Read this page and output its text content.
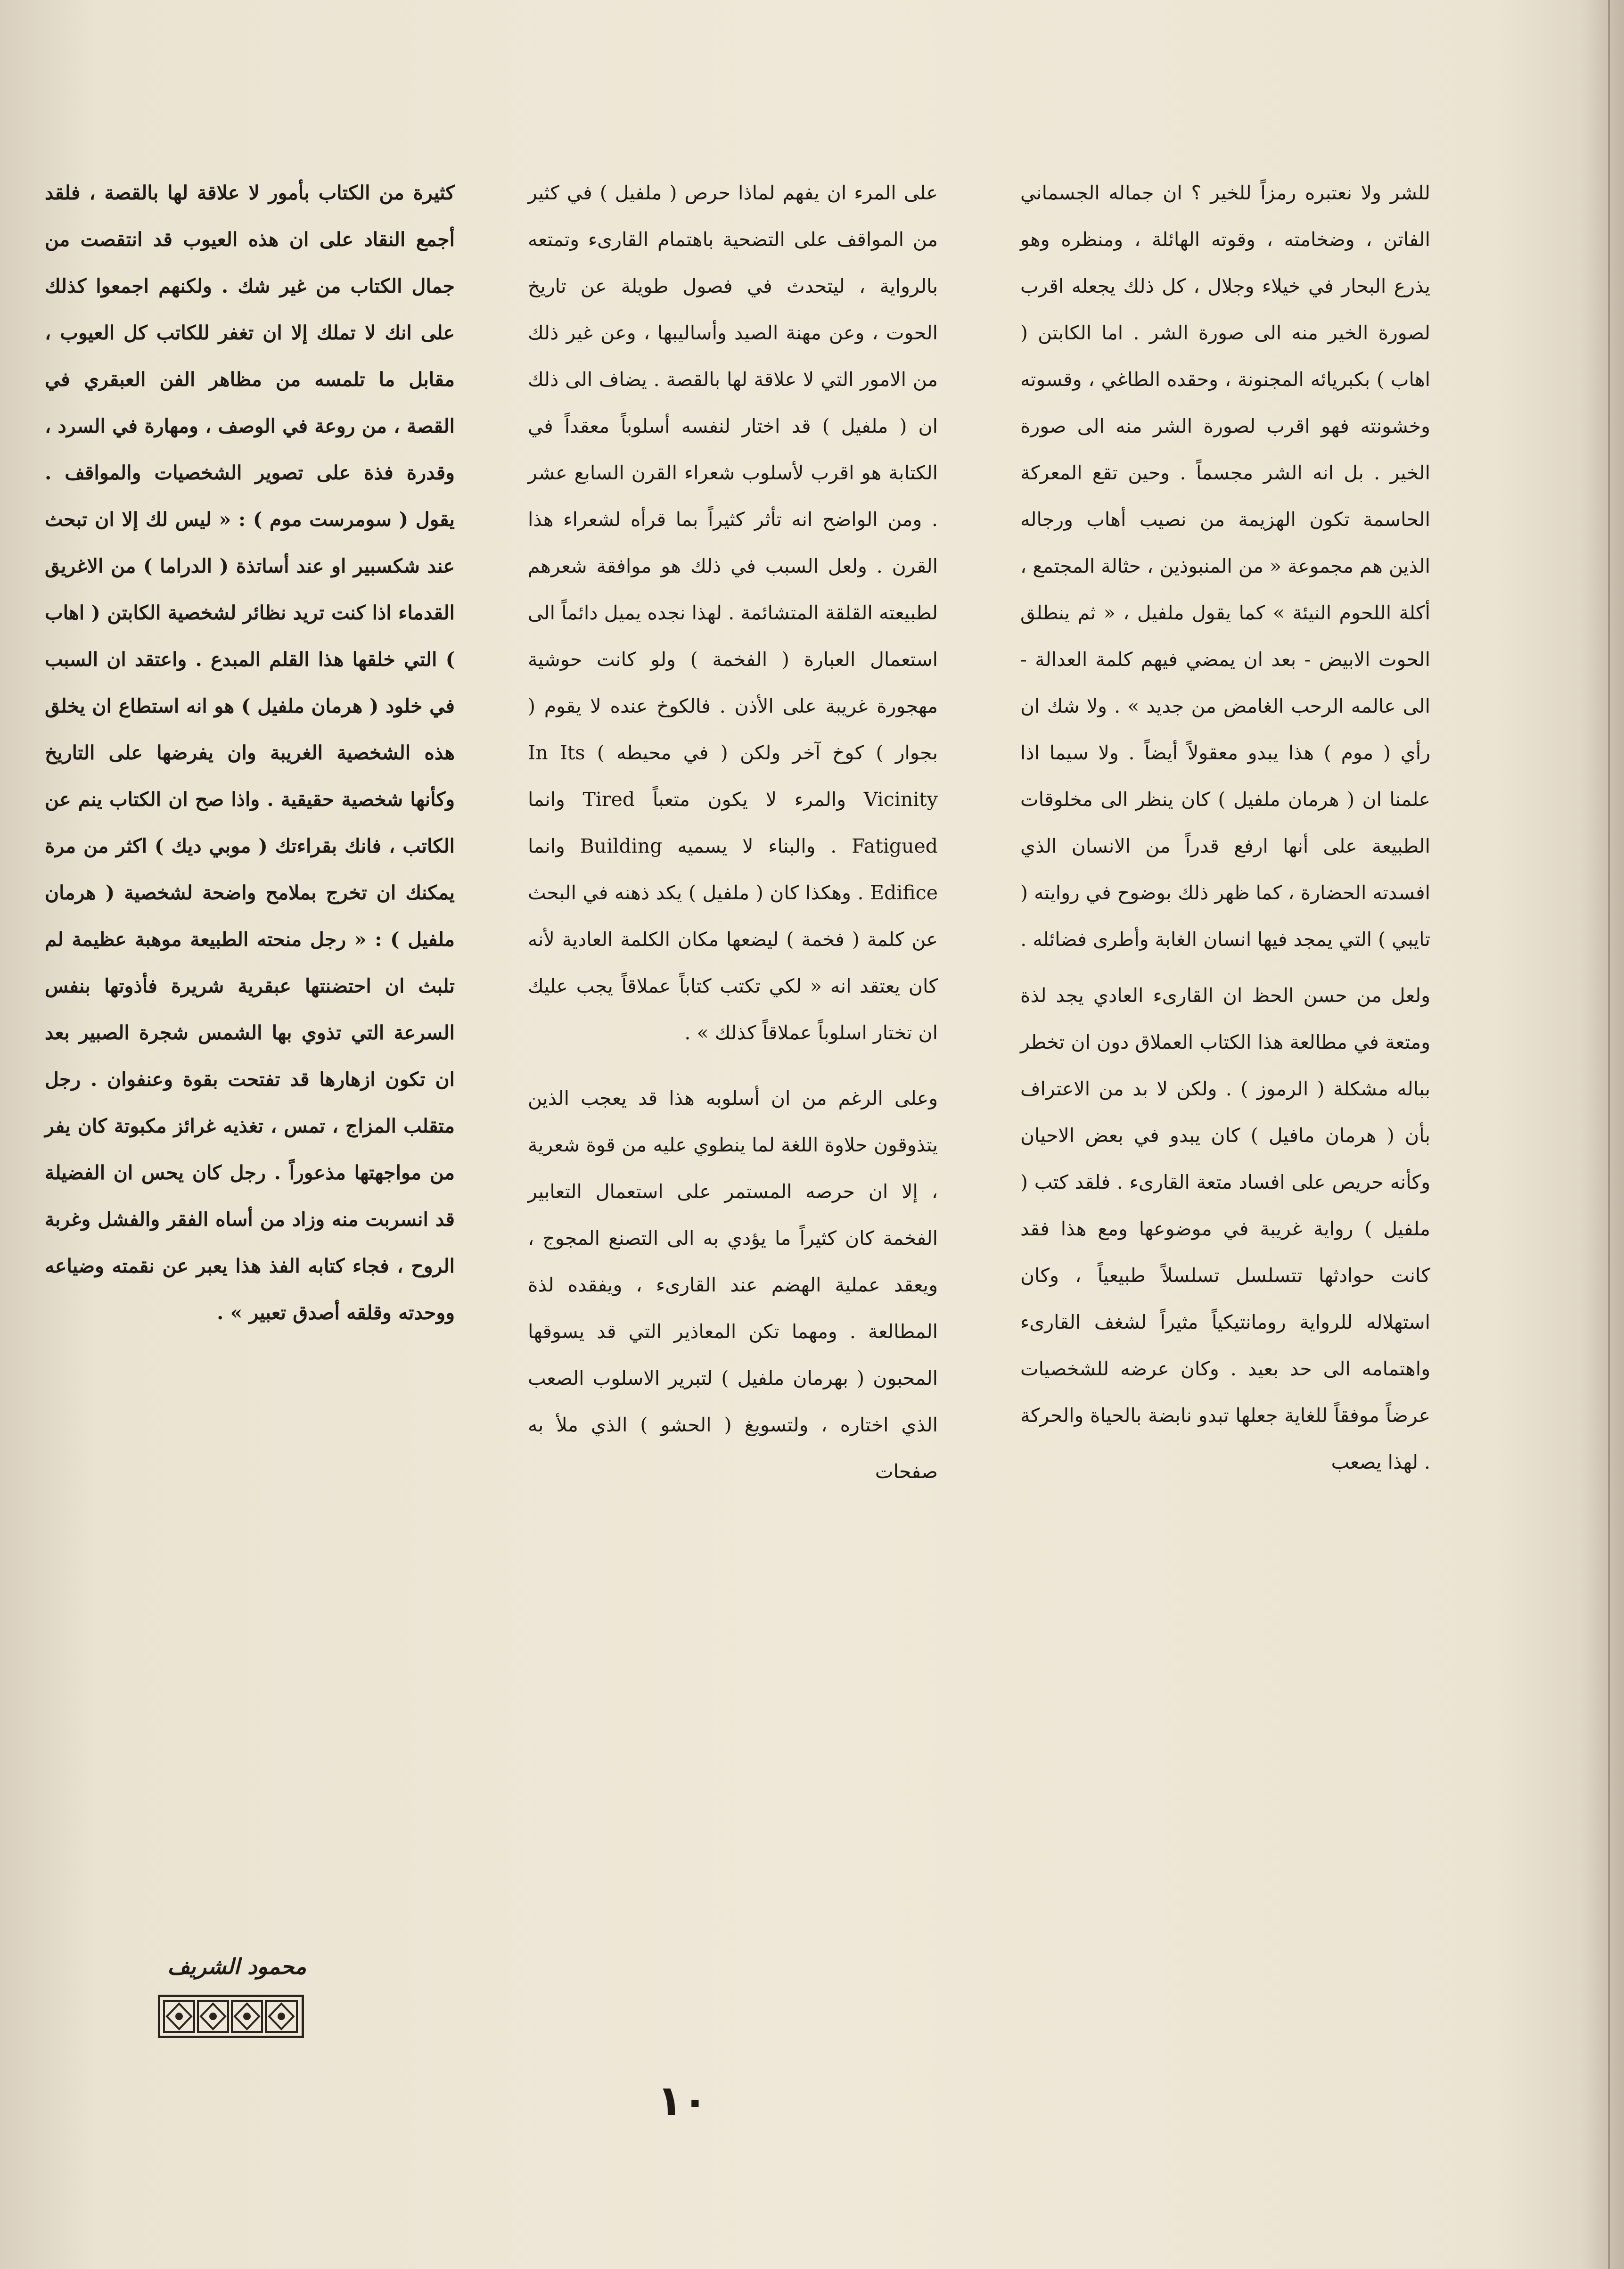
للشر ولا نعتبره رمزاً للخير ؟ ان جماله الجسماني الفاتن ، وضخامته ، وقوته الهائلة ، ومنظره وهو يذرع البحار في خيلاء وجلال ، كل ذلك يجعله اقرب لصورة الخير منه الى صورة الشر . اما الكابتن ( اهاب ) بكبريائه المجنونة ، وحقده الطاغي ، وقسوته وخشونته فهو اقرب لصورة الشر منه الى صورة الخير . بل انه الشر مجسماً . وحين تقع المعركة الحاسمة تكون الهزيمة من نصيب أهاب ورجاله الذين هم مجموعة « من المنبوذين ، حثالة المجتمع ، أكلة اللحوم النيئة » كما يقول ملفيل ، « ثم ينطلق الحوت الابيض - بعد ان يمضي فيهم كلمة العدالة - الى عالمه الرحب الغامض من جديد » . ولا شك ان رأي ( موم ) هذا يبدو معقولاً أيضاً . ولا سيما اذا علمنا ان ( هرمان ملفيل ) كان ينظر الى مخلوقات الطبيعة على أنها ارفع قدراً من الانسان الذي افسدته الحضارة ، كما ظهر ذلك بوضوح في روايته ( تايبي ) التي يمجد فيها انسان الغابة وأطرى فضائله .

ولعل من حسن الحظ ان القارىء العادي يجد لذة ومتعة في مطالعة هذا الكتاب العملاق دون ان تخطر بباله مشكلة ( الرموز ) . ولكن لا بد من الاعتراف بأن ( هرمان مافيل ) كان يبدو في بعض الاحيان وكأنه حريص على افساد متعة القارىء . فلقد كتب ( ملفيل ) رواية غريبة في موضوعها ومع هذا فقد كانت حوادثها تتسلسل تسلسلاً طبيعياً ، وكان استهلاله للرواية رومانتيكياً مثيراً لشغف القارىء واهتمامه الى حد بعيد . وكان عرضه للشخصيات عرضاً موفقاً للغاية جعلها تبدو نابضة بالحياة والحركة . لهذا يصعب

على المرء ان يفهم لماذا حرص ( ملفيل ) في كثير من المواقف على التضحية باهتمام القارىء وتمتعه بالرواية ، ليتحدث في فصول طويلة عن تاريخ الحوت ، وعن مهنة الصيد وأساليبها ، وعن غير ذلك من الامور التي لا علاقة لها بالقصة . يضاف الى ذلك ان ( ملفيل ) قد اختار لنفسه أسلوباً معقداً في الكتابة هو اقرب لأسلوب شعراء القرن السابع عشر . ومن الواضح انه تأثر كثيراً بما قرأه لشعراء هذا القرن . ولعل السبب في ذلك هو موافقة شعرهم لطبيعته القلقة المتشائمة . لهذا نجده يميل دائماً الى استعمال العبارة ( الفخمة ) ولو كانت حوشية مهجورة غريبة على الأذن . فالكوخ عنده لا يقوم ( بجوار ) كوخ آخر ولكن ( في محيطه ) In Its Vicinity والمرء لا يكون متعباً Tired وانما Fatigued . والبناء لا يسميه Building وانما Edifice . وهكذا كان ( ملفيل ) يكد ذهنه في البحث عن كلمة ( فخمة ) ليضعها مكان الكلمة العادية لأنه كان يعتقد انه « لكي تكتب كتاباً عملاقاً يجب عليك ان تختار اسلوباً عملاقاً كذلك » .

وعلى الرغم من ان أسلوبه هذا قد يعجب الذين يتذوقون حلاوة اللغة لما ينطوي عليه من قوة شعرية ، إلا ان حرصه المستمر على استعمال التعابير الفخمة كان كثيراً ما يؤدي به الى التصنع المجوج ، ويعقد عملية الهضم عند القارىء ، ويفقده لذة المطالعة . ومهما تكن المعاذير التي قد يسوقها المحبون ( بهرمان ملفيل ) لتبرير الاسلوب الصعب الذي اختاره ، ولتسويغ ( الحشو ) الذي ملأ به صفحات

كثيرة من الكتاب بأمور لا علاقة لها بالقصة ، فلقد أجمع النقاد على ان هذه العيوب قد انتقصت من جمال الكتاب من غير شك . ولكنهم اجمعوا كذلك على انك لا تملك إلا ان تغفر للكاتب كل العيوب ، مقابل ما تلمسه من مظاهر الفن العبقري في القصة ، من روعة في الوصف ، ومهارة في السرد ، وقدرة فذة على تصوير الشخصيات والمواقف . يقول ( سومرست موم ) : « ليس لك إلا ان تبحث عند شكسبير او عند أساتذة ( الدراما ) من الاغريق القدماء اذا كنت تريد نظائر لشخصية الكابتن ( اهاب ) التي خلقها هذا القلم المبدع . واعتقد ان السبب في خلود ( هرمان ملفيل ) هو انه استطاع ان يخلق هذه الشخصية الغريبة وان يفرضها على التاريخ وكأنها شخصية حقيقية . واذا صح ان الكتاب ينم عن الكاتب ، فانك بقراءتك ( موبي ديك ) اكثر من مرة يمكنك ان تخرج بملامح واضحة لشخصية ( هرمان ملفيل ) : « رجل منحته الطبيعة موهبة عظيمة لم تلبث ان احتضنتها عبقرية شريرة فأذوتها بنفس السرعة التي تذوي بها الشمس شجرة الصبير بعد ان تكون ازهارها قد تفتحت بقوة وعنفوان . رجل متقلب المزاج ، تمس ، تغذيه غرائز مكبوتة كان يفر من مواجهتها مذعوراً . رجل كان يحس ان الفضيلة قد انسربت منه وزاد من أساه الفقر والفشل وغربة الروح ، فجاء كتابه الفذ هذا يعبر عن نقمته وضياعه ووحدته وقلقه أصدق تعبير » .

محمود الشريف
١٠
